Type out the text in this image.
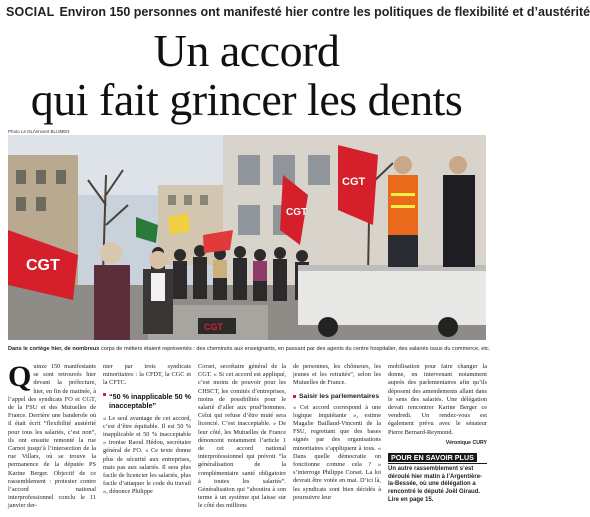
SOCIAL Environ 150 personnes ont manifesté hier contre les politiques de flexibilité et d’austérité
Un accord
qui fait grincer les dents
Photo Le DL/Vincent BLIJMEN
CGT
CGT
CGT
CGT
Dans le cortège hier, de nombreux corps de métiers étaient représentés : des cheminots aux enseignants, en passant par des agents du centre hospitalier, des salariés issus du commerce, etc.
Q uinze 150 manifestants se sont retrouvés hier devant la préfecture, hier, en fin de matinée, à l’appel des syndicats FO et CGT, de la FSU et des Mutuelles de France. Derrière une banderole où il était écrit “flexibilité austérité pour tous les salariés, c’est non”, ils ont ensuite remonté la rue Carnot jusqu’à l’intersection de la rue Villars, où se trouve la permanence de la députée PS Karine Berger. Objectif de ce rassemblement : protester contre l’accord national interprofessionnel conclu le 11 janvier der-

nier par trois syndicats minoritaires : la CFDT, la CGC et la CFTC.

“50 % inapplicable 50 % inacceptable”

« Le seul avantage de cet accord, c’est d’être équitable. Il est 50 % inapplicable et 50 % inacceptable » ironise Raoul Hédou, secrétaire général de FO. « Ce texte donne plus de sécurité aux entreprises, mais pas aux salariés. Il sera plus facile de licencier les salariés, plus facile d’attaquer le code du travail », dénonce Philippe

Corset, secrétaire général de la CGT. « Si cet accord est appliqué, c’est moins de pouvoir pour les CHSCT, les comités d’entreprises, moins de possibilités pour le salarié d’aller aux prud’hommes. Celui qui refuse d’être muté sera licencié. C’est inacceptable. » De leur côté, les Mutuelles de France dénoncent notamment l’article 1 de cet accord national interprofessionnel qui prévoit “la généralisation de la complémentaire santé obligatoire à toutes les salariés”. Généralisation qui “aboutira à son terme à un système qui laisse sur le côté des millions

de personnes, les chômeurs, les jeunes et les retraités”, selon les Mutuelles de France.

Saisir les parlementaires

« Cet accord correspond à une logique inquiétante », estime Magalie Baillaud-Vincenti de la FSU, regrettant que des bases signés par des organisations minoritaires s’appliquent à tous. « Dans quelle démocratie on fonctionne comme cela ? » s’interroge Philippe Corset. La loi devrait être votée en mai. D’ici là, les syndicats sont bien décidés à poursuivre leur

mobilisation pour faire changer la donne, en intervenant notamment auprès des parlementaires afin qu’ils déposent des amendements allant dans le sens des salariés. Une délégation devait rencontrer Karine Berger ce vendredi. Un rendez-vous est également prévu avec le sénateur Pierre Bernard-Reymond.

Véronique CURY
POUR EN SAVOIR PLUS
Un autre rassemblement s’est déroulé hier matin à l’Argentière-la-Bessée, où une délégation a rencontré le député Joël Giraud. Lire en page 15.
